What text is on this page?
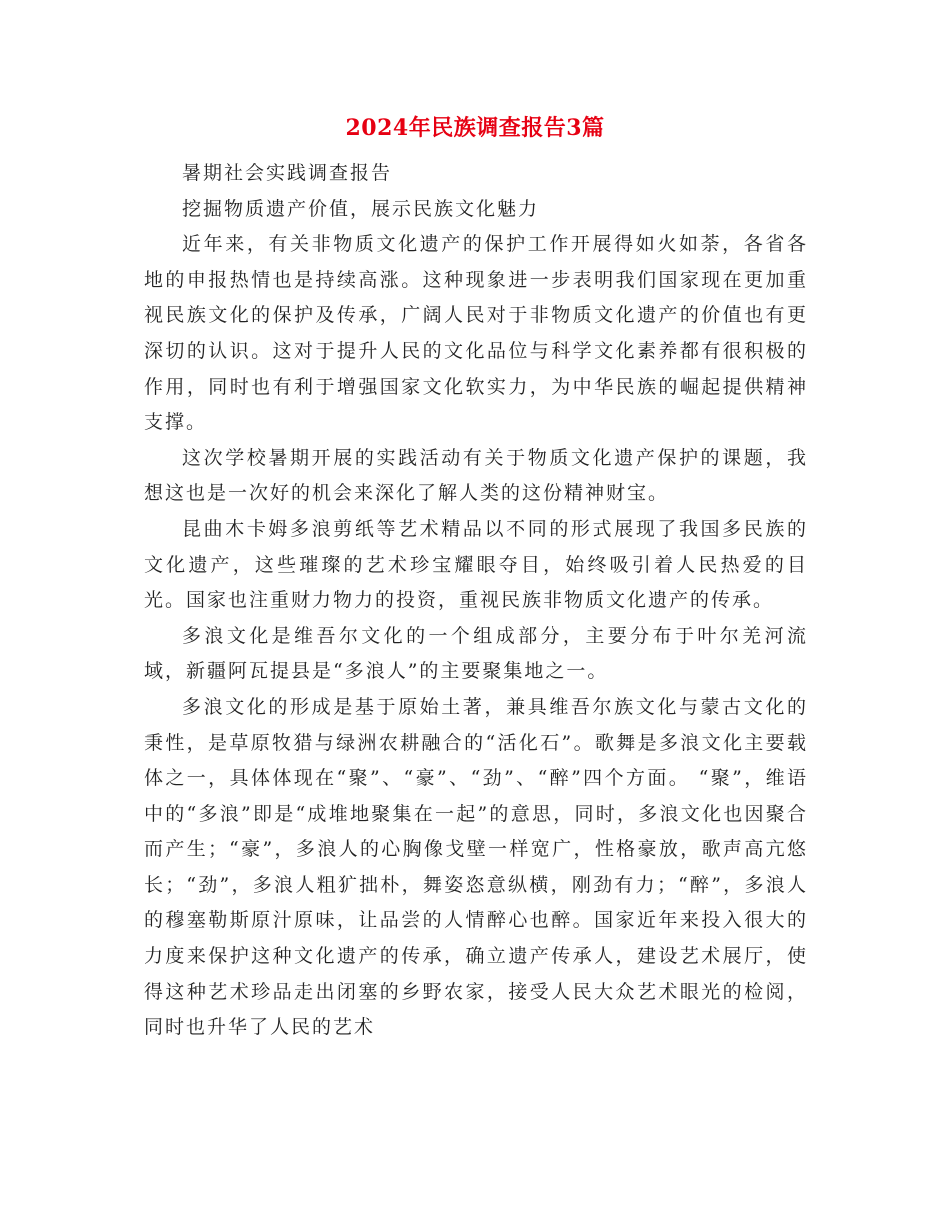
2024年民族调查报告3篇

暑期社会实践调查报告

挖掘物质遗产价值，展示民族文化魅力

近年来，有关非物质文化遗产的保护工作开展得如火如荼，各省各地的申报热情也是持续高涨。这种现象进一步表明我们国家现在更加重视民族文化的保护及传承，广阔人民对于非物质文化遗产的价值也有更深切的认识。这对于提升人民的文化品位与科学文化素养都有很积极的作用，同时也有利于增强国家文化软实力，为中华民族的崛起提供精神支撑。

这次学校暑期开展的实践活动有关于物质文化遗产保护的课题，我想这也是一次好的机会来深化了解人类的这份精神财宝。

昆曲木卡姆多浪剪纸等艺术精品以不同的形式展现了我国多民族的文化遗产，这些璀璨的艺术珍宝耀眼夺目，始终吸引着人民热爱的目光。国家也注重财力物力的投资，重视民族非物质文化遗产的传承。

多浪文化是维吾尔文化的一个组成部分，主要分布于叶尔羌河流域，新疆阿瓦提县是“多浪人”的主要聚集地之一。

多浪文化的形成是基于原始土著，兼具维吾尔族文化与蒙古文化的秉性，是草原牧猎与绿洲农耕融合的“活化石”。歌舞是多浪文化主要载体之一，具体体现在“聚”、“豪”、“劲”、“醉”四个方面。 “聚”，维语中的“多浪”即是“成堆地聚集在一起”的意思，同时，多浪文化也因聚合而产生；“豪”，多浪人的心胸像戈壁一样宽广，性格豪放，歌声高亢悠长；“劲”，多浪人粗犷拙朴，舞姿恣意纵横，刚劲有力；“醉”，多浪人的穆塞勒斯原汁原味，让品尝的人情醉心也醉。国家近年来投入很大的力度来保护这种文化遗产的传承，确立遗产传承人，建设艺术展厅，使得这种艺术珍品走出闭塞的乡野农家，接受人民大众艺术眼光的检阅，同时也升华了人民的艺术
